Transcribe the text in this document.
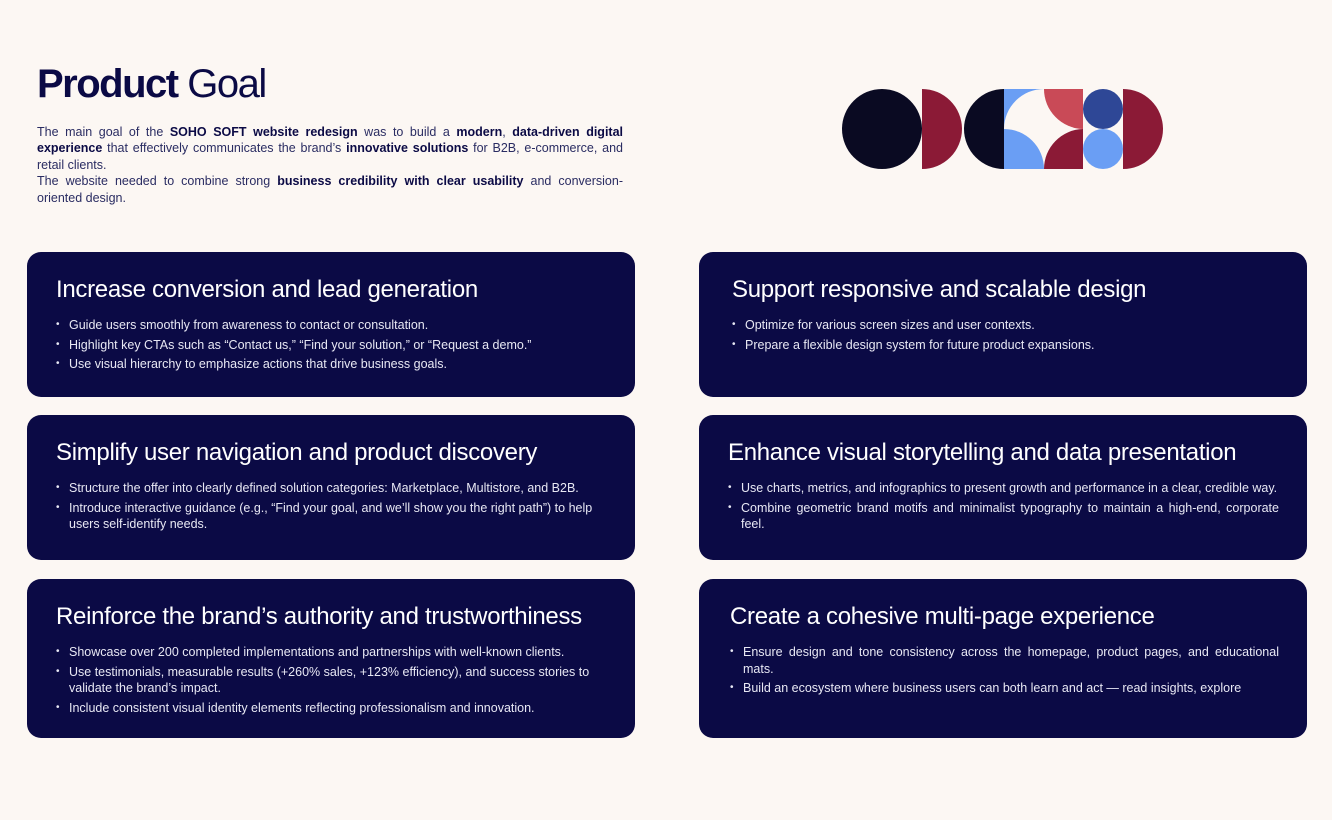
Product Goal

The main goal of the SOHO SOFT website redesign was to build a modern, data-driven digital experience that effectively communicates the brand’s innovative solutions for B2B, e-commerce, and retail clients.

The website needed to combine strong business credibility with clear usability and conversion-oriented design.

Increase conversion and lead generation
• Guide users smoothly from awareness to contact or consultation.
• Highlight key CTAs such as “Contact us,” “Find your solution,” or “Request a demo.”
• Use visual hierarchy to emphasize actions that drive business goals.
Support responsive and scalable design
• Optimize for various screen sizes and user contexts.
• Prepare a flexible design system for future product expansions.
Simplify user navigation and product discovery
• Structure the offer into clearly defined solution categories: Marketplace, Multistore, and B2B.
• Introduce interactive guidance (e.g., “Find your goal, and we’ll show you the right path”) to help users self-identify needs.
Enhance visual storytelling and data presentation
• Use charts, metrics, and infographics to present growth and performance in a clear, credible way.
• Combine geometric brand motifs and minimalist typography to maintain a high-end, corporate feel.
Reinforce the brand’s authority and trustworthiness
• Showcase over 200 completed implementations and partnerships with well-known clients.
• Use testimonials, measurable results (+260% sales, +123% efficiency), and success stories to validate the brand’s impact.
• Include consistent visual identity elements reflecting professionalism and innovation.
Create a cohesive multi-page experience
• Ensure design and tone consistency across the homepage, product pages, and educational mats.
• Build an ecosystem where business users can both learn and act — read insights, explore
